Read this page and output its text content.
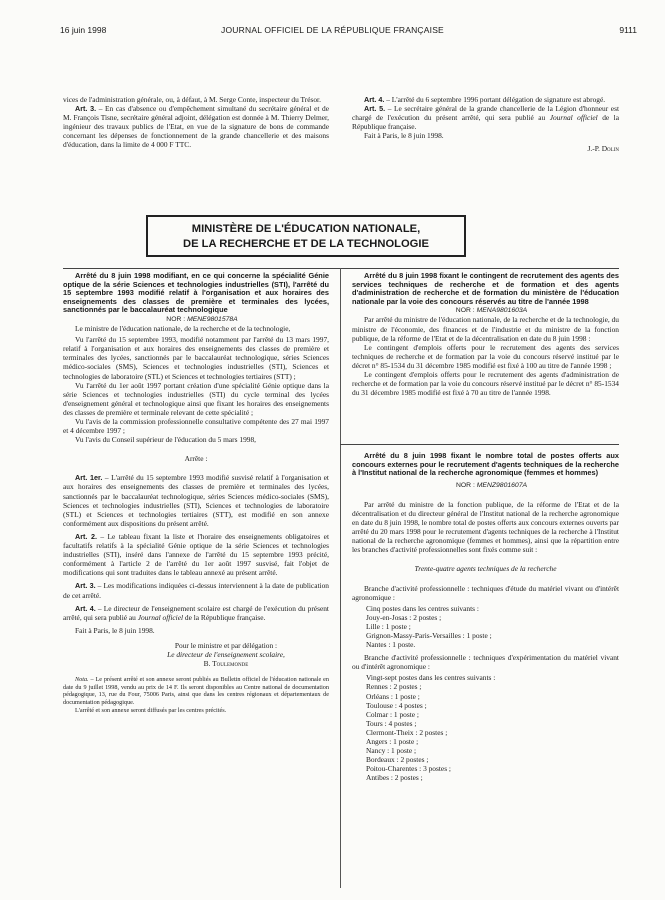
16 juin 1998	JOURNAL OFFICIEL DE LA RÉPUBLIQUE FRANÇAISE	9111

vices de l'administration générale, ou, à défaut, à M. Serge Conte, inspecteur du Trésor.

Art. 3. – En cas d'absence ou d'empêchement simultané du secrétaire général et de M. François Tisne, secrétaire général adjoint, délégation est donnée à M. Thierry Delmer, ingénieur des travaux publics de l'Etat, en vue de la signature de bons de commande concernant les dépenses de fonctionnement de la grande chancellerie et des maisons d'éducation, dans la limite de 4 000 F TTC.

Art. 4. – L'arrêté du 6 septembre 1996 portant délégation de signature est abrogé.

Art. 5. – Le secrétaire général de la grande chancellerie de la Légion d'honneur est chargé de l'exécution du présent arrêté, qui sera publié au Journal officiel de la République française.

Fait à Paris, le 8 juin 1998.

J.-P. Dolin

MINISTÈRE DE L'ÉDUCATION NATIONALE,
DE LA RECHERCHE ET DE LA TECHNOLOGIE

Arrêté du 8 juin 1998 modifiant, en ce qui concerne la spécialité Génie optique de la série Sciences et technologies industrielles (STI), l'arrêté du 15 septembre 1993 modifié relatif à l'organisation et aux horaires des enseignements des classes de première et terminales des lycées, sanctionnés par le baccalauréat technologique

NOR : MENE9801578A

Le ministre de l'éducation nationale, de la recherche et de la technologie,

Vu l'arrêté du 15 septembre 1993, modifié notamment par l'arrêté du 13 mars 1997, relatif à l'organisation et aux horaires des enseignements des classes de première et terminales des lycées, sanctionnés par le baccalauréat technologique, séries Sciences médico-sociales (SMS), Sciences et technologies industrielles (STI), Sciences et technologies de laboratoire (STL) et Sciences et technologies tertiaires (STT) ;

Vu l'arrêté du 1er août 1997 portant création d'une spécialité Génie optique dans la série Sciences et technologies industrielles (STI) du cycle terminal des lycées d'enseignement général et technologique ainsi que fixant les horaires des enseignements des classes de première et terminale relevant de cette spécialité ;

Vu l'avis de la commission professionnelle consultative compétente des 27 mai 1997 et 4 décembre 1997 ;

Vu l'avis du Conseil supérieur de l'éducation du 5 mars 1998,

Arrête :

Art. 1er. – L'arrêté du 15 septembre 1993 modifié susvisé relatif à l'organisation et aux horaires des enseignements des classes de première et terminales des lycées, sanctionnés par le baccalauréat technologique, séries Sciences médico-sociales (SMS), Sciences et technologies industrielles (STI), Sciences et technologies de laboratoire (STL) et Sciences et technologies tertiaires (STT), est modifié en son annexe conformément aux dispositions du présent arrêté.

Art. 2. – Le tableau fixant la liste et l'horaire des enseignements obligatoires et facultatifs relatifs à la spécialité Génie optique de la série Sciences et technologies industrielles (STI), inséré dans l'annexe de l'arrêté du 15 septembre 1993 précité, conformément à l'article 2 de l'arrêté du 1er août 1997 susvisé, fait l'objet de modifications qui sont traduites dans le tableau annexé au présent arrêté.

Art. 3. – Les modifications indiquées ci-dessus interviennent à la date de publication de cet arrêté.

Art. 4. – Le directeur de l'enseignement scolaire est chargé de l'exécution du présent arrêté, qui sera publié au Journal officiel de la République française.

Fait à Paris, le 8 juin 1998.

Pour le ministre et par délégation :

Le directeur de l'enseignement scolaire,

B. Toulemonde

Nota. – Le présent arrêté et son annexe seront publiés au Bulletin officiel de l'éducation nationale en date du 9 juillet 1998, vendu au prix de 14 F. Ils seront disponibles au Centre national de documentation pédagogique, 13, rue du Four, 75006 Paris, ainsi que dans les centres régionaux et départementaux de documentation pédagogique.

L'arrêté et son annexe seront diffusés par les centres précités.

Arrêté du 8 juin 1998 fixant le contingent de recrutement des agents des services techniques de recherche et de formation et des agents d'administration de recherche et de formation du ministère de l'éducation nationale par la voie des concours réservés au titre de l'année 1998

NOR : MENA9801603A

Par arrêté du ministre de l'éducation nationale, de la recherche et de la technologie, du ministre de l'économie, des finances et de l'industrie et du ministre de la fonction publique, de la réforme de l'Etat et de la décentralisation en date du 8 juin 1998 :

Le contingent d'emplois offerts pour le recrutement des agents des services techniques de recherche et de formation par la voie du concours réservé institué par le décret n° 85-1534 du 31 décembre 1985 modifié est fixé à 100 au titre de l'année 1998 ;

Le contingent d'emplois offerts pour le recrutement des agents d'administration de recherche et de formation par la voie du concours réservé institué par le décret n° 85-1534 du 31 décembre 1985 modifié est fixé à 70 au titre de l'année 1998.

Arrêté du 8 juin 1998 fixant le nombre total de postes offerts aux concours externes pour le recrutement d'agents techniques de la recherche à l'Institut national de la recherche agronomique (femmes et hommes)

NOR : MENZ9801607A

Par arrêté du ministre de la fonction publique, de la réforme de l'Etat et de la décentralisation et du directeur général de l'Institut national de la recherche agronomique en date du 8 juin 1998, le nombre total de postes offerts aux concours externes ouverts par arrêté du 20 mars 1998 pour le recrutement d'agents techniques de la recherche à l'Institut national de la recherche agronomique (femmes et hommes), ainsi que la répartition entre les branches d'activité professionnelles sont fixés comme suit :

Trente-quatre agents techniques de la recherche

Branche d'activité professionnelle : techniques d'étude du matériel vivant ou d'intérêt agronomique :

Cinq postes dans les centres suivants :

Jouy-en-Josas : 2 postes ;

Lille : 1 poste ;

Grignon-Massy-Paris-Versailles : 1 poste ;

Nantes : 1 poste.

Branche d'activité professionnelle : techniques d'expérimentation du matériel vivant ou d'intérêt agronomique :

Vingt-sept postes dans les centres suivants :

Rennes : 2 postes ;

Orléans : 1 poste ;

Toulouse : 4 postes ;

Colmar : 1 poste ;

Tours : 4 postes ;

Clermont-Theix : 2 postes ;

Angers : 1 poste ;

Nancy : 1 poste ;

Bordeaux : 2 postes ;

Poitou-Charentes : 3 postes ;

Antibes : 2 postes ;
